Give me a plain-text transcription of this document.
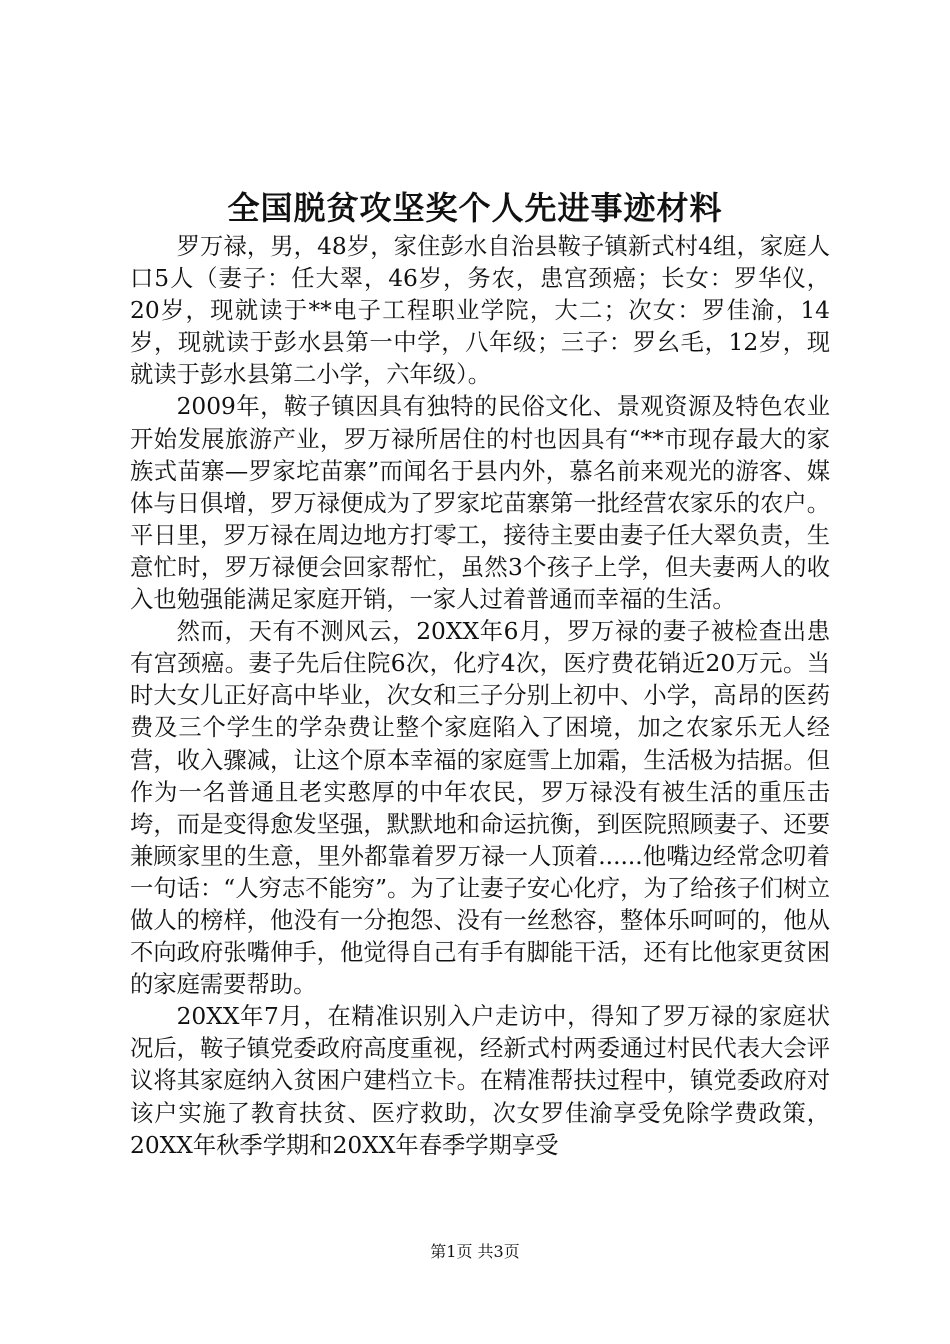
全国脱贫攻坚奖个人先进事迹材料

罗万禄，男，48岁，家住彭水自治县鞍子镇新式村4组，家庭人口5人（妻子：任大翠，46岁，务农，患宫颈癌；长女：罗华仪，20岁，现就读于**电子工程职业学院，大二；次女：罗佳渝，14岁，现就读于彭水县第一中学，八年级；三子：罗幺毛，12岁，现就读于彭水县第二小学，六年级）。

2009年，鞍子镇因具有独特的民俗文化、景观资源及特色农业开始发展旅游产业，罗万禄所居住的村也因具有“**市现存最大的家族式苗寨—罗家坨苗寨”而闻名于县内外，慕名前来观光的游客、媒体与日俱增，罗万禄便成为了罗家坨苗寨第一批经营农家乐的农户。平日里，罗万禄在周边地方打零工，接待主要由妻子任大翠负责，生意忙时，罗万禄便会回家帮忙，虽然3个孩子上学，但夫妻两人的收入也勉强能满足家庭开销，一家人过着普通而幸福的生活。

然而，天有不测风云，20XX年6月，罗万禄的妻子被检查出患有宫颈癌。妻子先后住院6次，化疗4次，医疗费花销近20万元。当时大女儿正好高中毕业，次女和三子分别上初中、小学，高昂的医药费及三个学生的学杂费让整个家庭陷入了困境，加之农家乐无人经营，收入骤减，让这个原本幸福的家庭雪上加霜，生活极为拮据。但作为一名普通且老实憨厚的中年农民，罗万禄没有被生活的重压击垮，而是变得愈发坚强，默默地和命运抗衡，到医院照顾妻子、还要兼顾家里的生意，里外都靠着罗万禄一人顶着......他嘴边经常念叨着一句话：“人穷志不能穷”。为了让妻子安心化疗，为了给孩子们树立做人的榜样，他没有一分抱怨、没有一丝愁容，整体乐呵呵的，他从不向政府张嘴伸手，他觉得自己有手有脚能干活，还有比他家更贫困的家庭需要帮助。

20XX年7月，在精准识别入户走访中，得知了罗万禄的家庭状况后，鞍子镇党委政府高度重视，经新式村两委通过村民代表大会评议将其家庭纳入贫困户建档立卡。在精准帮扶过程中，镇党委政府对该户实施了教育扶贫、医疗救助，次女罗佳渝享受免除学费政策，20XX年秋季学期和20XX年春季学期享受

第1页 共3页
